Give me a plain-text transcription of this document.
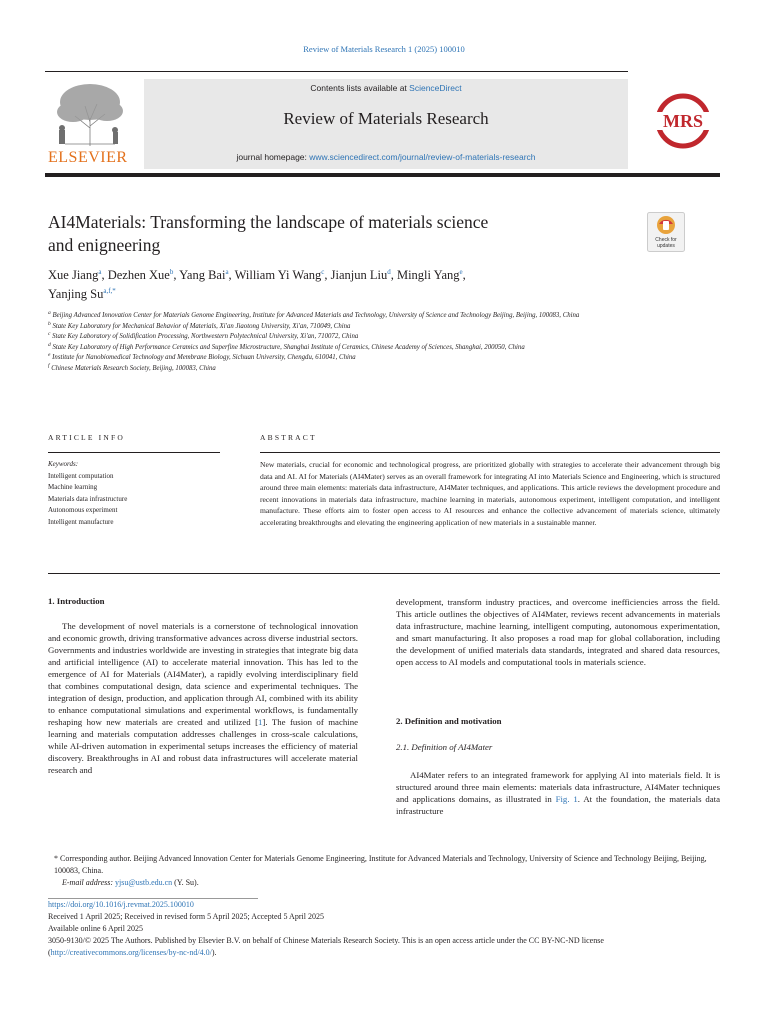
Review of Materials Research 1 (2025) 100010
ELSEVIER
Contents lists available at ScienceDirect
Review of Materials Research
journal homepage: www.sciencedirect.com/journal/review-of-materials-research
MRS
AI4Materials: Transforming the landscape of materials science
and enigneering	Check for
updates
Xue Jiang$^a$, Dezhen Xue$^b$, Yang Bai$^a$, William Yi Wang$^c$, Jianjun Liu$^d$, Mingli Yang$^e$,
Yanjing $Su^{a,f,*}$
$^a$ Beijing Advanced Innovation Center for Materials Genome Engineering, Institute for Advanced Materials and Technology, University of Science and Technology Beijing, Beijing, 100083, China
$^b$ State Key Laboratory for Mechanical Behavior of Materials, Xi'an Jiaotong University, Xi'an, 710049, China
$^c$ State Key Laboratory of Solidification Processing, Northwestern Polytechnical University, Xi'an, 710072, China
$^d$ State Key Laboratory of High Performance Ceramics and Superfine Microstructure, Shanghai Institute of Ceramics, Chinese Academy of Sciences, Shanghai, 200050, China
$^e$ Institute for Nanobiomedical Technology and Membrane Biology, Sichuan University, Chengdu, 610041, China
$^f$ Chinese Materials Research Society, Beijing, 100083, China
ARTICLE INFO	ABSTRACT
Keywords:
Intelligent computation
Machine learning
Materials data infrastructure
Autonomous experiment
Intelligent manufacture
New materials, crucial for economic and technological progress, are prioritized globally with strategies to accelerate their advancement through big data and AI. AI for Materials (AI4Mater) serves as an overall framework for integrating AI into Materials Science and Engineering, which is structured around three main elements: materials data infrastructure, AI4Mater techniques, and applications. This article reviews the development procedure and recent innovations in materials data infrastructure, machine learning in materials, autonomous experiment, intelligent computation, and intelligent manufacture. These efforts aim to foster open access to AI resources and enhance the collective advancement of materials science, ultimately accelerating breakthroughs and elevating the engineering application of new materials in a sustainable manner.
1. Introduction
The development of novel materials is a cornerstone of technological innovation and economic growth, driving transformative advances across diverse industrial sectors. Governments and industries worldwide are investing in strategies that integrate big data and artificial intelligence (AI) to accelerate material innovation. This has led to the emergence of AI for Materials (AI4Mater), a rapidly evolving interdisciplinary field that combines computational design, data science and experimental techniques. The integration of design, production, and application through AI, combined with its ability to enhance computational simulations and experimental workflows, is fundamentally reshaping how new materials are created and utilized [1]. The fusion of machine learning and materials computation addresses challenges in cross-scale calculations, while AI-driven automation in experimental setups increases the efficiency of material discovery. Breakthroughs in AI and robust data infrastructures will accelerate material research and
development, transform industry practices, and overcome inefficiencies arross the field. This article outlines the objectives of AI4Mater, reviews recent advancements in materials data infrastructure, machine learning, intelligent computing, autonomous experimentation, and smart manufacturing. It also proposes a road map for global collaboration, including the development of unified materials data standards, integrated and shared data resources, open access to AI models and computational tools in materials science.
2. Definition and motivation
2.1. Definition of AI4Mater
AI4Mater refers to an integrated framework for applying AI into materials field. It is structured around three main elements: materials data infrastructure, AI4Mater techniques and applications domains, as illustrated in Fig. 1. At the foundation, the materials data infrastructure
* Corresponding author. Beijing Advanced Innovation Center for Materials Genome Engineering, Institute for Advanced Materials and Technology, University of Science and Technology Beijing, Beijing, 100083, China.
E-mail address: yjsu@ustb.edu.cn (Y. Su).
https://doi.org/10.1016/j.revmat.2025.100010
Received 1 April 2025; Received in revised form 5 April 2025; Accepted 5 April 2025
Available online 6 April 2025
3050-9130/© 2025 The Authors. Published by Elsevier B.V. on behalf of Chinese Materials Research Society. This is an open access article under the CC BY-NC-ND license (http://creativecommons.org/licenses/by-nc-nd/4.0/).
